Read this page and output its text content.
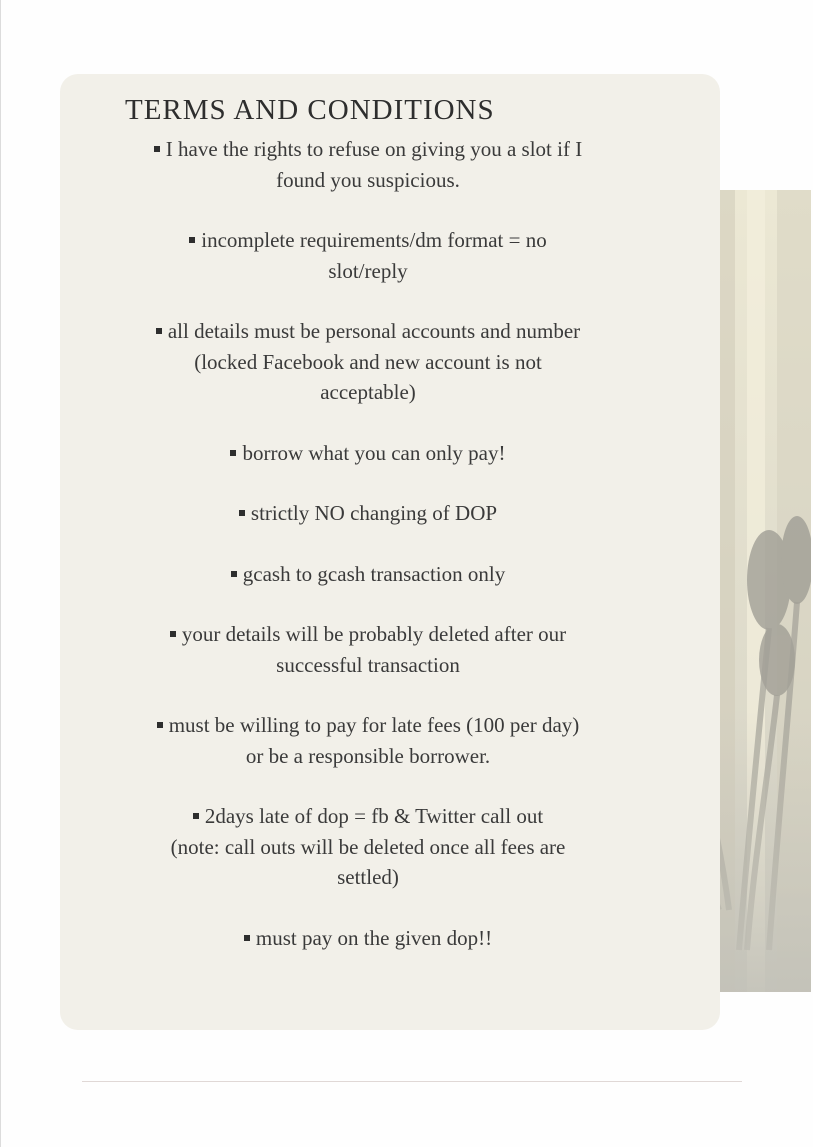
TERMS AND CONDITIONS
I have the rights to refuse on giving you a slot if I
found you suspicious.
incomplete requirements/dm format = no
slot/reply
all details must be personal accounts and number
(locked Facebook and new account is not
acceptable)
borrow what you can only pay!
strictly NO changing of DOP
gcash to gcash transaction only
your details will be probably deleted after our
successful transaction
must be willing to pay for late fees (100 per day)
or be a responsible borrower.
2days late of dop = fb & Twitter call out
(note: call outs will be deleted once all fees are
settled)
must pay on the given dop!!
